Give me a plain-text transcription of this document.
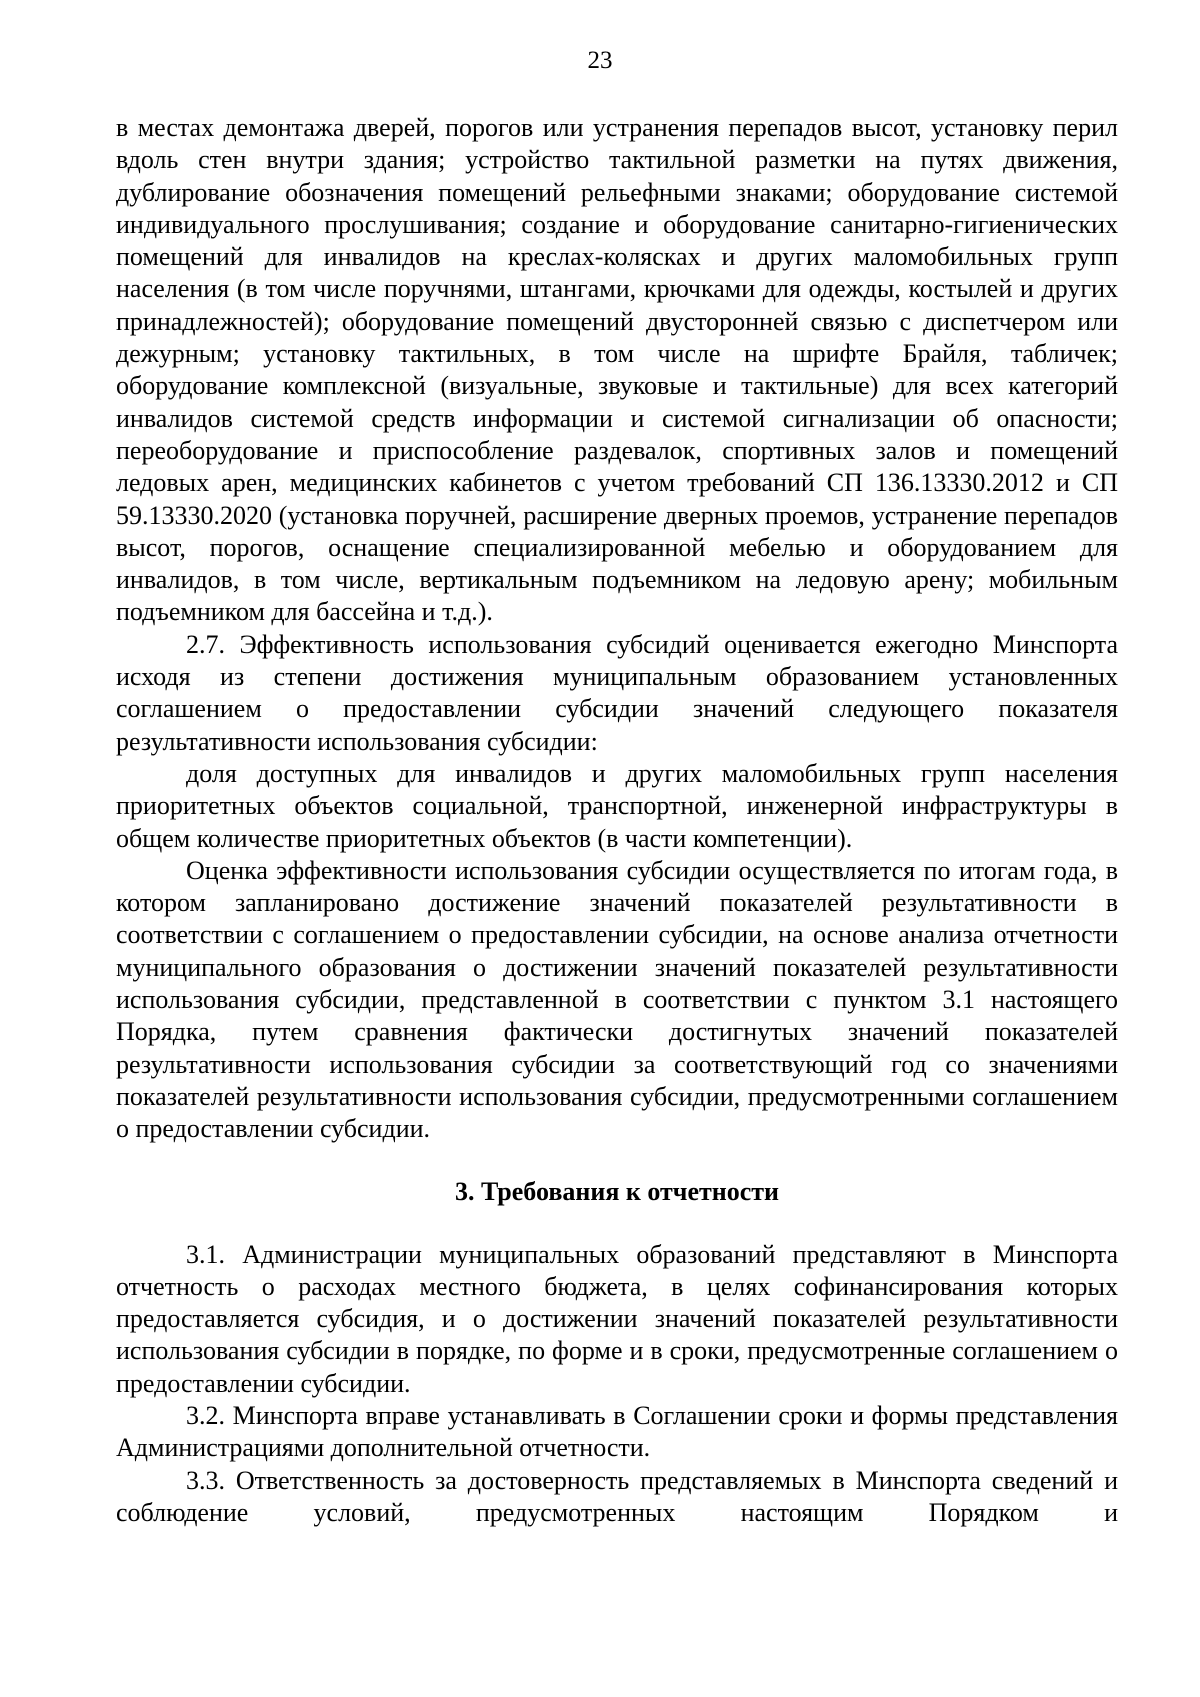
23

в местах демонтажа дверей, порогов или устранения перепадов высот, установку перил вдоль стен внутри здания; устройство тактильной разметки на путях движения, дублирование обозначения помещений рельефными знаками; оборудование системой индивидуального прослушивания; создание и оборудование санитарно-гигиенических помещений для инвалидов на креслах-колясках и других маломобильных групп населения (в том числе поручнями, штангами, крючками для одежды, костылей и других принадлежностей); оборудование помещений двусторонней связью с диспетчером или дежурным; установку тактильных, в том числе на шрифте Брайля, табличек; оборудование комплексной (визуальные, звуковые и тактильные) для всех категорий инвалидов системой средств информации и системой сигнализации об опасности; переоборудование и приспособление раздевалок, спортивных залов и помещений ледовых арен, медицинских кабинетов с учетом требований СП 136.13330.2012 и СП 59.13330.2020 (установка поручней, расширение дверных проемов, устранение перепадов высот, порогов, оснащение специализированной мебелью и оборудованием для инвалидов, в том числе, вертикальным подъемником на ледовую арену; мобильным подъемником для бассейна и т.д.).

2.7. Эффективность использования субсидий оценивается ежегодно Минспорта исходя из степени достижения муниципальным образованием установленных соглашением о предоставлении субсидии значений следующего показателя результативности использования субсидии:

доля доступных для инвалидов и других маломобильных групп населения приоритетных объектов социальной, транспортной, инженерной инфраструктуры в общем количестве приоритетных объектов (в части компетенции).

Оценка эффективности использования субсидии осуществляется по итогам года, в котором запланировано достижение значений показателей результативности в соответствии с соглашением о предоставлении субсидии, на основе анализа отчетности муниципального образования о достижении значений показателей результативности использования субсидии, представленной в соответствии с пунктом 3.1 настоящего Порядка, путем сравнения фактически достигнутых значений показателей результативности использования субсидии за соответствующий год со значениями показателей результативности использования субсидии, предусмотренными соглашением о предоставлении субсидии.

3. Требования к отчетности

3.1. Администрации муниципальных образований представляют в Минспорта отчетность о расходах местного бюджета, в целях софинансирования которых предоставляется субсидия, и о достижении значений показателей результативности использования субсидии в порядке, по форме и в сроки, предусмотренные соглашением о предоставлении субсидии.

3.2. Минспорта вправе устанавливать в Соглашении сроки и формы представления Администрациями дополнительной отчетности.

3.3. Ответственность за достоверность представляемых в Минспорта сведений и соблюдение условий, предусмотренных настоящим Порядком и
